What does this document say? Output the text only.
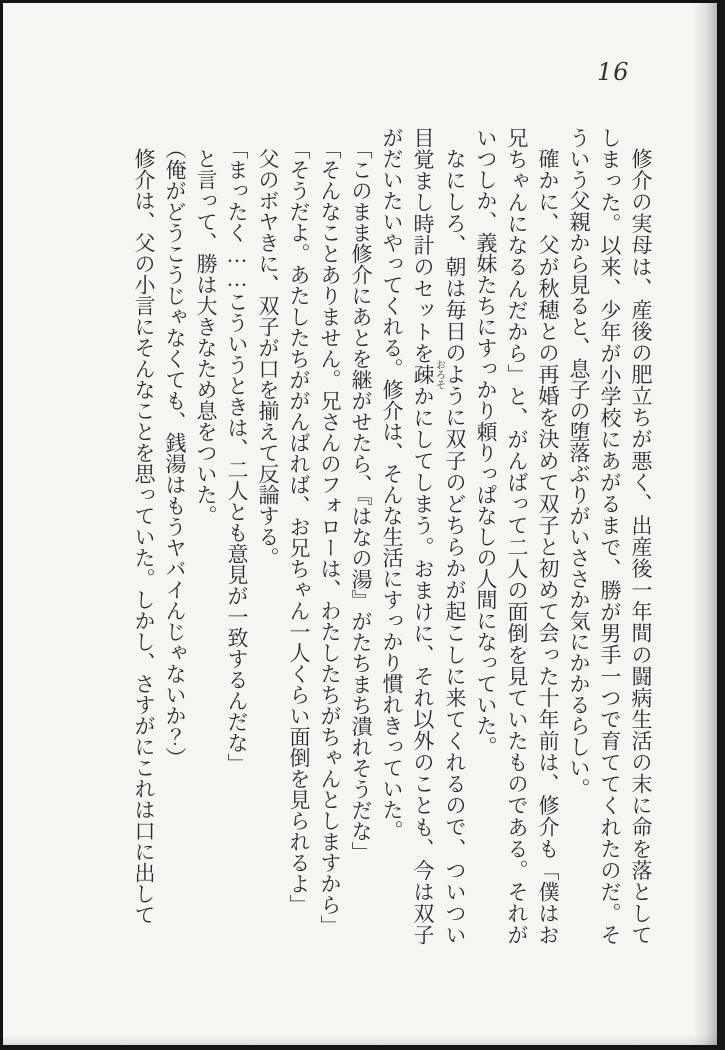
16

修介の実母は、産後の肥立ちが悪く、出産後一年間の闘病生活の末に命を落としてしまった。以来、少年が小学校にあがるまで、勝が男手一つで育ててくれたのだ。そういう父親から見ると、息子の堕落ぶりがいささか気にかかるらしい。

確かに、父が秋穂との再婚を決めて双子と初めて会った十年前は、修介も「僕はお兄ちゃんになるんだから」と、がんばって二人の面倒を見ていたものである。それがいつしか、義妹たちにすっかり頼りっぱなしの人間になっていた。

なにしろ、朝は毎日のように双子のどちらかが起こしに来てくれるので、ついつい目覚まし時計のセットを疎おろそかにしてしまう。おまけに、それ以外のことも、今は双子がだいたいやってくれる。修介は、そんな生活にすっかり慣れきっていた。

「このまま修介にあとを継がせたら、『はなの湯』がたちまち潰れそうだな」

「そんなことありません。兄さんのフォローは、わたしたちがちゃんとしますから」

「そうだよ。あたしたちががんばれば、お兄ちゃん一人くらい面倒を見られるよ」

父のボヤきに、双子が口を揃えて反論する。

「まったく……こういうときは、二人とも意見が一致するんだな」

と言って、勝は大きなため息をついた。

（俺がどうこうじゃなくても、銭湯はもうヤバイんじゃないか？）

修介は、父の小言にそんなことを思っていた。しかし、さすがにこれは口に出して
